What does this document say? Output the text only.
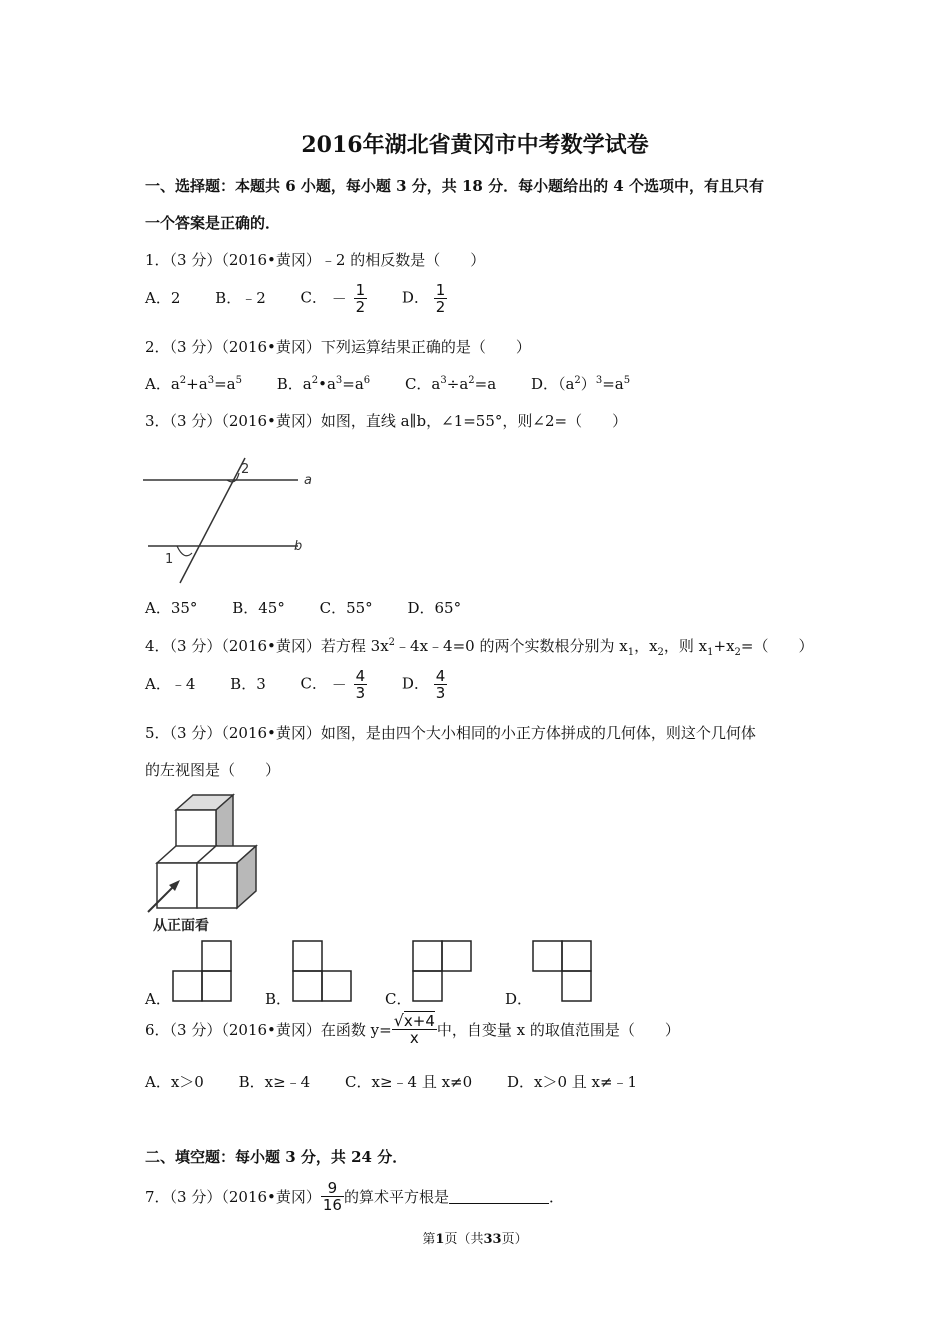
2016年湖北省黄冈市中考数学试卷
一、选择题：本题共 6 小题，每小题 3 分，共 18 分．每小题给出的 4 个选项中，有且只有
一个答案是正确的．
1．（3 分）（2016•黄冈）﹣2 的相反数是（　　）
A．2 B．﹣2 C． － $\frac{1}{2}$ D． $\frac{1}{2}$
2．（3 分）（2016•黄冈）下列运算结果正确的是（　　）
A．$a^2+a^3=a^5$ B．$a^2•a^3=a^6$ C．$a^3\div a^2=a$ D．$(a^2)^3=a^5$
3．（3 分）（2016•黄冈）如图，直线 a∥b，∠1=55°，则∠2=（　　）
2
1
a
b
A．35° B．45° C．55° D．65°
4．（3 分）（2016•黄冈）若方程 $3x^2﹣4x﹣4=0$ 的两个实数根分别为 $x_1$，$x_2$，则 $x_1+x_2=$（　　）
A．﹣4 B．3 C． － $\frac{4}{3}$ D． $\frac{4}{3}$
5．（3 分）（2016•黄冈）如图，是由四个大小相同的小正方体拼成的几何体，则这个几何体
的左视图是（　　）
从正面看
A．	B．	C．	D．
6．（3 分）（2016•黄冈）在函数 $y= \frac{√x+4}{x}$ 中，自变量 x 的取值范围是（　　）
A．x＞0 B．x≥﹣4 C．x≥﹣4 且 x≠0 D．x＞0 且 x≠﹣1
二、填空题：每小题 3 分，共 24 分．
7．（3 分）（2016•黄冈） $\frac{9}{16}$ 的算术平方根是	．
第1页（共33页）
